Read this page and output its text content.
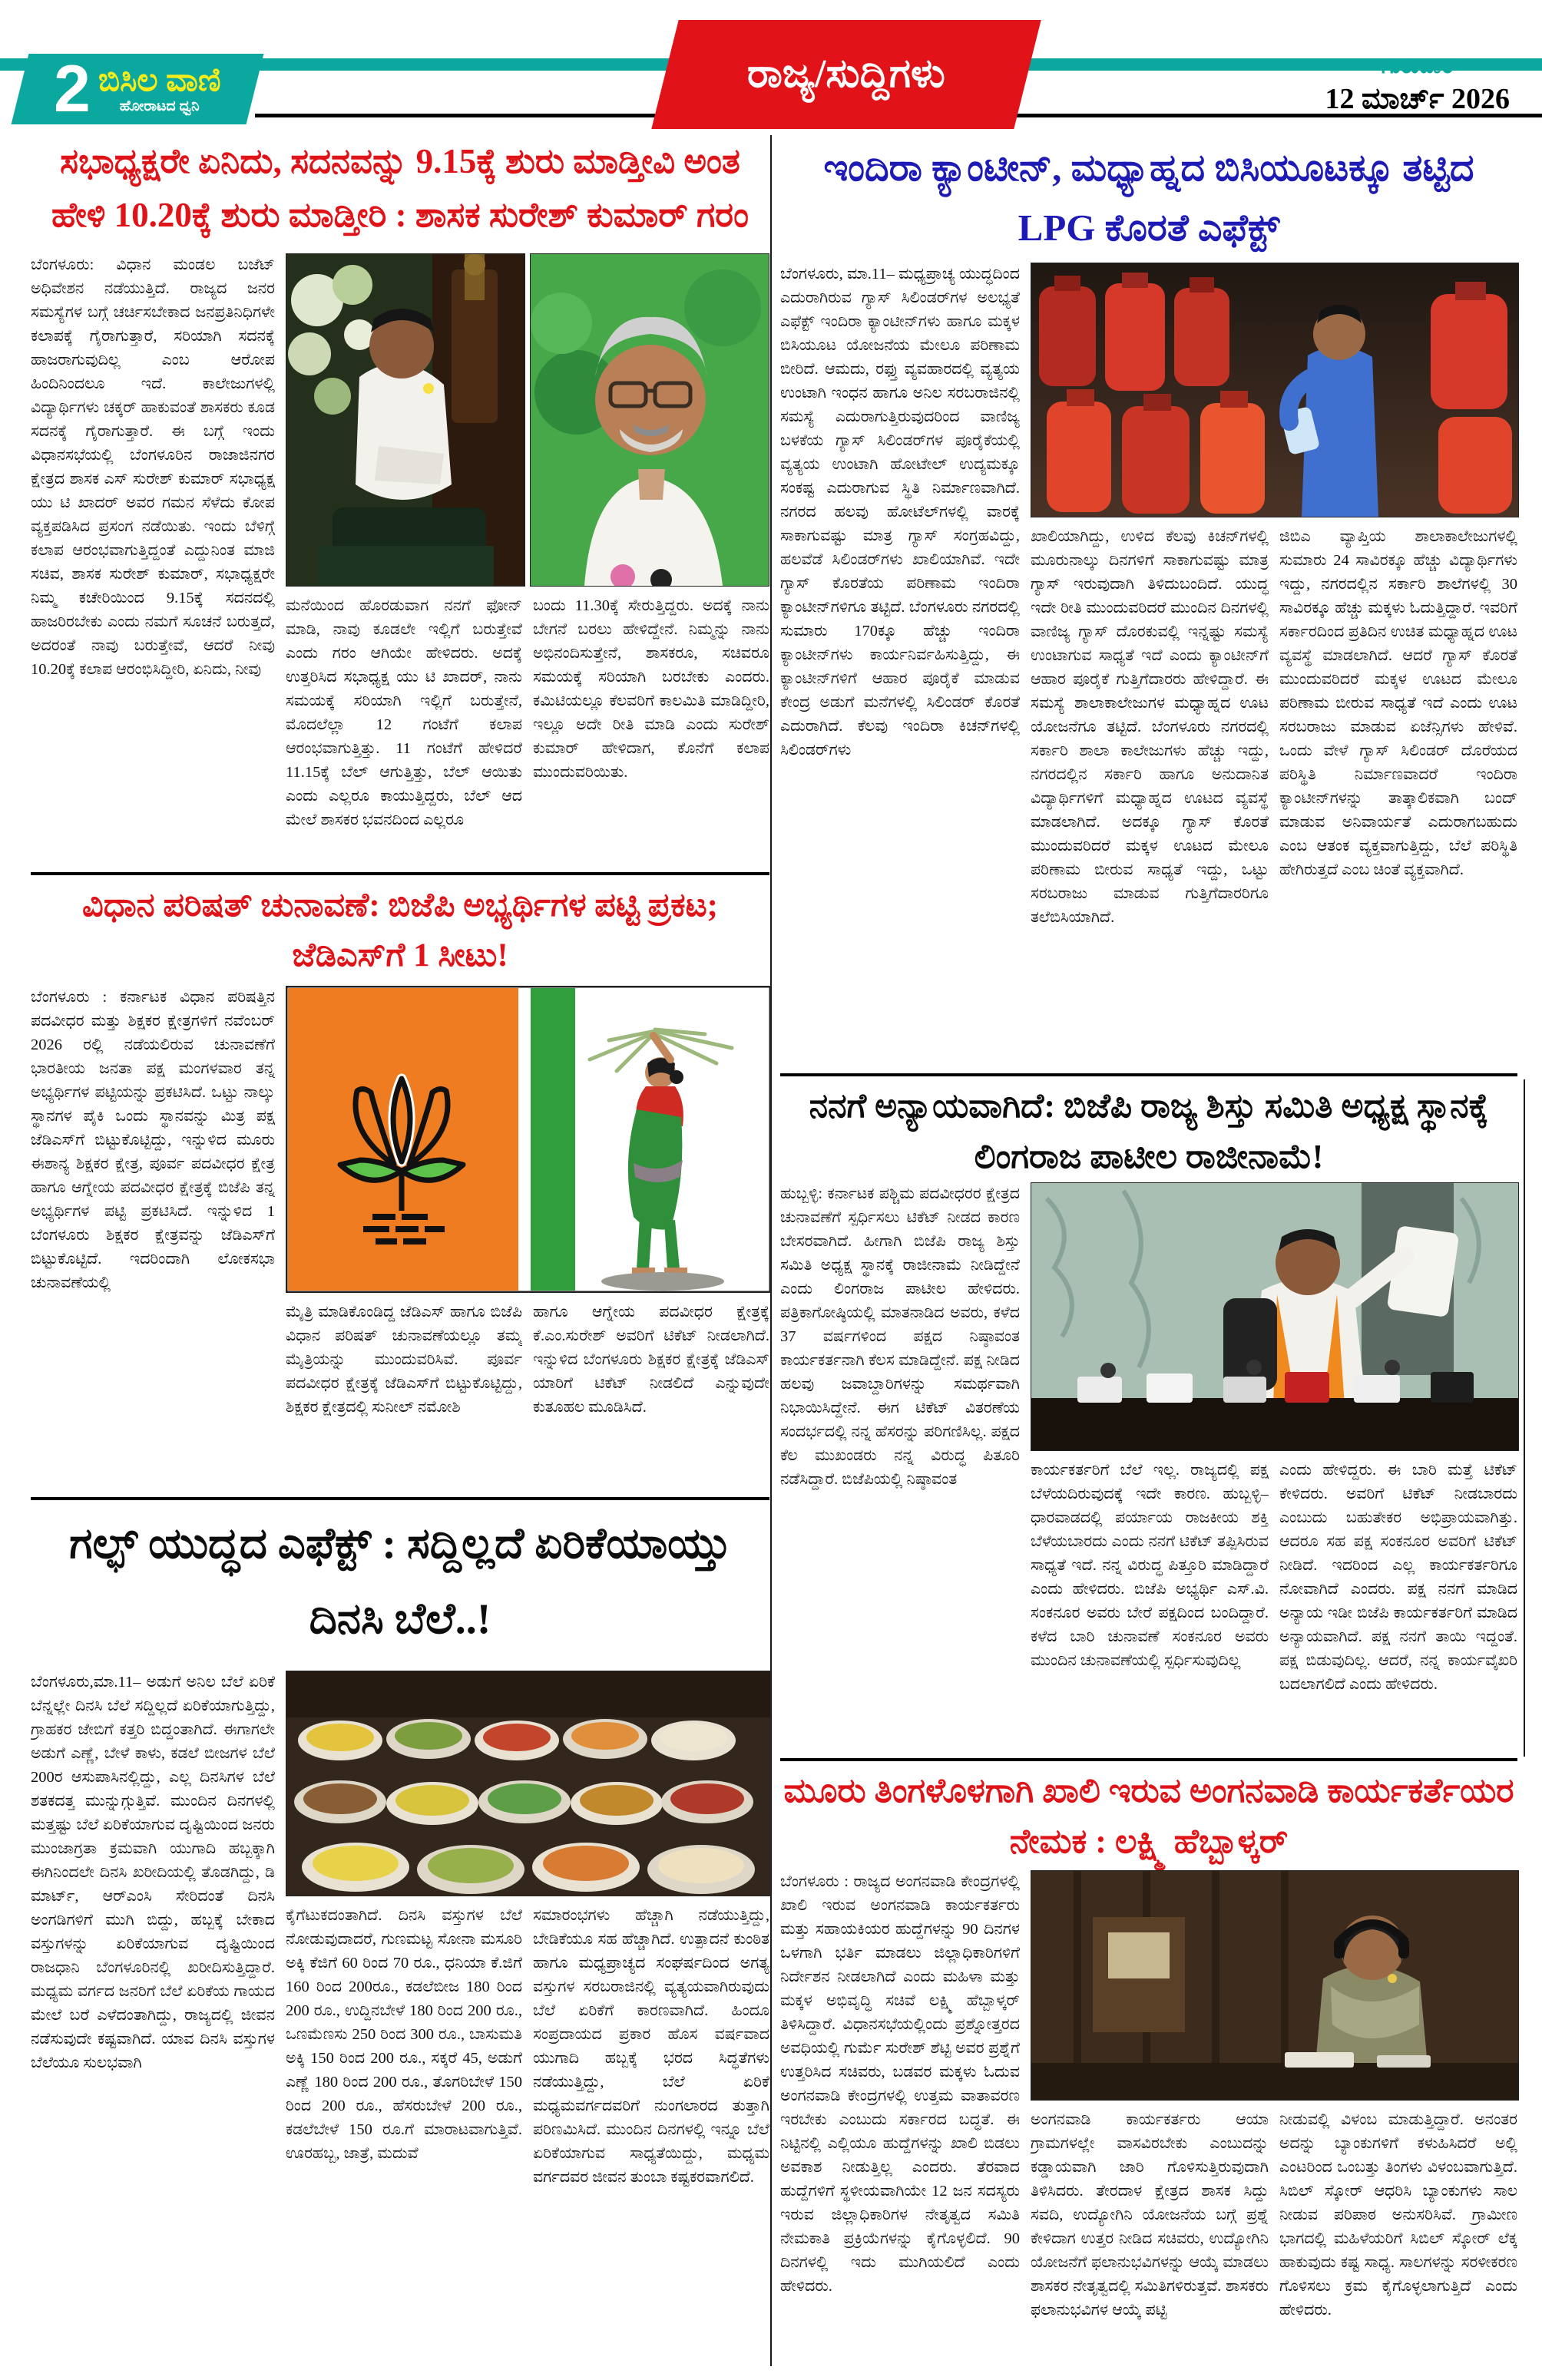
2 ಬಿಸಿಲ ವಾಣಿ
ಹೋರಾಟದ ಧ್ವನಿ
ರಾಜ್ಯ/ಸುದ್ದಿಗಳು	ಗುರುವಾರ
12 ಮಾರ್ಚ್ 2026
ಸಭಾಧ್ಯಕ್ಷರೇ ಏನಿದು, ಸದನವನ್ನು 9.15ಕ್ಕೆ ಶುರು ಮಾಡ್ತೀವಿ ಅಂತ ಹೇಳಿ 10.20ಕ್ಕೆ ಶುರು ಮಾಡ್ತೀರಿ : ಶಾಸಕ ಸುರೇಶ್ ಕುಮಾರ್ ಗರಂ
ಬೆಂಗಳೂರು: ವಿಧಾನ ಮಂಡಲ ಬಜೆಟ್ ಅಧಿವೇಶನ ನಡೆಯುತ್ತಿದೆ. ರಾಜ್ಯದ ಜನರ ಸಮಸ್ಯೆಗಳ ಬಗ್ಗೆ ಚರ್ಚಿಸಬೇಕಾದ ಜನಪ್ರತಿನಿಧಿಗಳೇ ಕಲಾಪಕ್ಕೆ ಗೈರಾಗುತ್ತಾರೆ, ಸರಿಯಾಗಿ ಸದನಕ್ಕೆ ಹಾಜರಾಗುವುದಿಲ್ಲ ಎಂಬ ಆರೋಪ ಹಿಂದಿನಿಂದಲೂ ಇದೆ. ಕಾಲೇಜುಗಳಲ್ಲಿ ವಿದ್ಯಾರ್ಥಿಗಳು ಚಕ್ಕರ್ ಹಾಕುವಂತೆ ಶಾಸಕರು ಕೂಡ ಸದನಕ್ಕೆ ಗೈರಾಗುತ್ತಾರೆ. ಈ ಬಗ್ಗೆ ಇಂದು ವಿಧಾನಸಭೆಯಲ್ಲಿ ಬೆಂಗಳೂರಿನ ರಾಜಾಜಿನಗರ ಕ್ಷೇತ್ರದ ಶಾಸಕ ಎಸ್ ಸುರೇಶ್ ಕುಮಾರ್ ಸಭಾಧ್ಯಕ್ಷ ಯು ಟಿ ಖಾದರ್ ಅವರ ಗಮನ ಸೆಳೆದು ಕೋಪ ವ್ಯಕ್ತಪಡಿಸಿದ ಪ್ರಸಂಗ ನಡೆಯಿತು. ಇಂದು ಬೆಳಿಗ್ಗೆ ಕಲಾಪ ಆರಂಭವಾಗುತ್ತಿದ್ದಂತೆ ಎದ್ದುನಿಂತ ಮಾಜಿ ಸಚಿವ, ಶಾಸಕ ಸುರೇಶ್ ಕುಮಾರ್, ಸಭಾಧ್ಯಕ್ಷರೇ ನಿಮ್ಮ ಕಚೇರಿಯಿಂದ 9.15ಕ್ಕೆ ಸದನದಲ್ಲಿ ಹಾಜರಿರಬೇಕು ಎಂದು ನಮಗೆ ಸೂಚನೆ ಬರುತ್ತದೆ, ಅದರಂತೆ ನಾವು ಬರುತ್ತೇವೆ, ಆದರೆ ನೀವು 10.20ಕ್ಕೆ ಕಲಾಪ ಆರಂಭಿಸಿದ್ದೀರಿ, ಏನಿದು, ನೀವು
ಮನೆಯಿಂದ ಹೊರಡುವಾಗ ನನಗೆ ಫೋನ್ ಮಾಡಿ, ನಾವು ಕೂಡಲೇ ಇಲ್ಲಿಗೆ ಬರುತ್ತೇವೆ ಎಂದು ಗರಂ ಆಗಿಯೇ ಹೇಳಿದರು. ಅದಕ್ಕೆ ಉತ್ತರಿಸಿದ ಸಭಾಧ್ಯಕ್ಷ ಯು ಟಿ ಖಾದರ್, ನಾನು ಸಮಯಕ್ಕೆ ಸರಿಯಾಗಿ ಇಲ್ಲಿಗೆ ಬರುತ್ತೇನೆ, ಮೊದಲೆಲ್ಲಾ 12 ಗಂಟೆಗೆ ಕಲಾಪ ಆರಂಭವಾಗುತ್ತಿತ್ತು. 11 ಗಂಟೆಗೆ ಹೇಳಿದರೆ 11.15ಕ್ಕೆ ಬೆಲ್ ಆಗುತ್ತಿತ್ತು, ಬೆಲ್ ಆಯಿತು ಎಂದು ಎಲ್ಲರೂ ಕಾಯುತ್ತಿದ್ದರು, ಬೆಲ್ ಆದ ಮೇಲೆ ಶಾಸಕರ ಭವನದಿಂದ ಎಲ್ಲರೂ
ಬಂದು 11.30ಕ್ಕೆ ಸೇರುತ್ತಿದ್ದರು. ಅದಕ್ಕೆ ನಾನು ಬೇಗನೆ ಬರಲು ಹೇಳಿದ್ದೇನೆ. ನಿಮ್ಮನ್ನು ನಾನು ಅಭಿನಂದಿಸುತ್ತೇನೆ, ಶಾಸಕರೂ, ಸಚಿವರೂ ಸಮಯಕ್ಕೆ ಸರಿಯಾಗಿ ಬರಬೇಕು ಎಂದರು. ಕಮಿಟಿಯಲ್ಲೂ ಕೆಲವರಿಗೆ ಕಾಲಮಿತಿ ಮಾಡಿದ್ದೀರಿ, ಇಲ್ಲೂ ಅದೇ ರೀತಿ ಮಾಡಿ ಎಂದು ಸುರೇಶ್ ಕುಮಾರ್ ಹೇಳಿದಾಗ, ಕೊನೆಗೆ ಕಲಾಪ ಮುಂದುವರಿಯಿತು.
ವಿಧಾನ ಪರಿಷತ್ ಚುನಾವಣೆ: ಬಿಜೆಪಿ ಅಭ್ಯರ್ಥಿಗಳ ಪಟ್ಟಿ ಪ್ರಕಟ; ಜೆಡಿಎಸ್‌ಗೆ 1 ಸೀಟು!
ಬೆಂಗಳೂರು : ಕರ್ನಾಟಕ ವಿಧಾನ ಪರಿಷತ್ತಿನ ಪದವೀಧರ ಮತ್ತು ಶಿಕ್ಷಕರ ಕ್ಷೇತ್ರಗಳಿಗೆ ನವೆಂಬರ್ 2026 ರಲ್ಲಿ ನಡೆಯಲಿರುವ ಚುನಾವಣೆಗೆ ಭಾರತೀಯ ಜನತಾ ಪಕ್ಷ ಮಂಗಳವಾರ ತನ್ನ ಅಭ್ಯರ್ಥಿಗಳ ಪಟ್ಟಿಯನ್ನು ಪ್ರಕಟಿಸಿದೆ. ಒಟ್ಟು ನಾಲ್ಕು ಸ್ಥಾನಗಳ ಪೈಕಿ ಒಂದು ಸ್ಥಾನವನ್ನು ಮಿತ್ರ ಪಕ್ಷ ಜೆಡಿಎಸ್‌ಗೆ ಬಿಟ್ಟುಕೊಟ್ಟಿದ್ದು, ಇನ್ನುಳಿದ ಮೂರು ಈಶಾನ್ಯ ಶಿಕ್ಷಕರ ಕ್ಷೇತ್ರ, ಪೂರ್ವ ಪದವೀಧರ ಕ್ಷೇತ್ರ ಹಾಗೂ ಆಗ್ನೇಯ ಪದವೀಧರ ಕ್ಷೇತ್ರಕ್ಕೆ ಬಿಜೆಪಿ ತನ್ನ ಅಭ್ಯರ್ಥಿಗಳ ಪಟ್ಟಿ ಪ್ರಕಟಿಸಿದೆ. ಇನ್ನುಳಿದ 1 ಬೆಂಗಳೂರು ಶಿಕ್ಷಕರ ಕ್ಷೇತ್ರವನ್ನು ಜೆಡಿಎಸ್‌ಗೆ ಬಿಟ್ಟುಕೊಟ್ಟಿದೆ. ಇದರಿಂದಾಗಿ ಲೋಕಸಭಾ ಚುನಾವಣೆಯಲ್ಲಿ
ಮೈತ್ರಿ ಮಾಡಿಕೊಂಡಿದ್ದ ಜೆಡಿಎಸ್ ಹಾಗೂ ಬಿಜೆಪಿ ವಿಧಾನ ಪರಿಷತ್ ಚುನಾವಣೆಯಲ್ಲೂ ತಮ್ಮ ಮೈತ್ರಿಯನ್ನು ಮುಂದುವರಿಸಿವೆ. ಪೂರ್ವ ಪದವೀಧರ ಕ್ಷೇತ್ರಕ್ಕೆ ಜೆಡಿಎಸ್‌ಗೆ ಬಿಟ್ಟುಕೊಟ್ಟಿದ್ದು, ಶಿಕ್ಷಕರ ಕ್ಷೇತ್ರದಲ್ಲಿ ಸುನೀಲ್ ನಮೋಶಿ
ಹಾಗೂ ಆಗ್ನೇಯ ಪದವೀಧರ ಕ್ಷೇತ್ರಕ್ಕೆ ಕೆ.ಎಂ.ಸುರೇಶ್ ಅವರಿಗೆ ಟಿಕೆಟ್ ನೀಡಲಾಗಿದೆ. ಇನ್ನುಳಿದ ಬೆಂಗಳೂರು ಶಿಕ್ಷಕರ ಕ್ಷೇತ್ರಕ್ಕೆ ಜೆಡಿಎಸ್ ಯಾರಿಗೆ ಟಿಕೆಟ್ ನೀಡಲಿದೆ ಎನ್ನುವುದೇ ಕುತೂಹಲ ಮೂಡಿಸಿದೆ.
ಗಲ್ಫ್ ಯುದ್ಧದ ಎಫೆಕ್ಟ್ : ಸದ್ದಿಲ್ಲದೆ ಏರಿಕೆಯಾಯ್ತು ದಿನಸಿ ಬೆಲೆ..!
ಬೆಂಗಳೂರು,ಮಾ.11– ಅಡುಗೆ ಅನಿಲ ಬೆಲೆ ಏರಿಕೆ ಬೆನ್ನಲ್ಲೇ ದಿನಸಿ ಬೆಲೆ ಸದ್ದಿಲ್ಲದೆ ಏರಿಕೆಯಾಗುತ್ತಿದ್ದು, ಗ್ರಾಹಕರ ಜೇಬಿಗೆ ಕತ್ತರಿ ಬಿದ್ದಂತಾಗಿದೆ. ಈಗಾಗಲೇ ಅಡುಗೆ ಎಣ್ಣೆ, ಬೇಳೆ ಕಾಳು, ಕಡಲೆ ಬೀಜಗಳ ಬೆಲೆ 200ರ ಆಸುಪಾಸಿನಲ್ಲಿದ್ದು, ಎಲ್ಲ ದಿನಸಿಗಳ ಬೆಲೆ ಶತಕದತ್ತ ಮುನ್ನುಗ್ಗುತ್ತಿವೆ. ಮುಂದಿನ ದಿನಗಳಲ್ಲಿ ಮತ್ತಷ್ಟು ಬೆಲೆ ಏರಿಕೆಯಾಗುವ ದೃಷ್ಟಿಯಿಂದ ಜನರು ಮುಂಜಾಗ್ರತಾ ಕ್ರಮವಾಗಿ ಯುಗಾದಿ ಹಬ್ಬಕ್ಕಾಗಿ ಈಗಿನಿಂದಲೇ ದಿನಸಿ ಖರೀದಿಯಲ್ಲಿ ತೊಡಗಿದ್ದು, ಡಿ ಮಾರ್ಟ್, ಆರ್‌ಎಂಸಿ ಸೇರಿದಂತೆ ದಿನಸಿ ಅಂಗಡಿಗಳಿಗೆ ಮುಗಿ ಬಿದ್ದು, ಹಬ್ಬಕ್ಕೆ ಬೇಕಾದ ವಸ್ತುಗಳನ್ನು ಏರಿಕೆಯಾಗುವ ದೃಷ್ಟಿಯಿಂದ ರಾಜಧಾನಿ ಬೆಂಗಳೂರಿನಲ್ಲಿ ಖರೀದಿಸುತ್ತಿದ್ದಾರೆ. ಮಧ್ಯಮ ವರ್ಗದ ಜನರಿಗೆ ಬೆಲೆ ಏರಿಕೆಯ ಗಾಯದ ಮೇಲೆ ಬರೆ ಎಳೆದಂತಾಗಿದ್ದು, ರಾಜ್ಯದಲ್ಲಿ ಜೀವನ ನಡೆಸುವುದೇ ಕಷ್ಟವಾಗಿದೆ. ಯಾವ ದಿನಸಿ ವಸ್ತುಗಳ ಬೆಲೆಯೂ ಸುಲಭವಾಗಿ
ಕೈಗೆಟುಕದಂತಾಗಿದೆ. ದಿನಸಿ ವಸ್ತುಗಳ ಬೆಲೆ ನೋಡುವುದಾದರೆ, ಗುಣಮಟ್ಟ ಸೋನಾ ಮಸೂರಿ ಅಕ್ಕಿ ಕೆಜಿಗೆ 60 ರಿಂದ 70 ರೂ., ಧನಿಯಾ ಕೆ.ಜಿಗೆ 160 ರಿಂದ 200ರೂ., ಕಡಲೆಬೀಜ 180 ರಿಂದ 200 ರೂ., ಉದ್ದಿನಬೇಳೆ 180 ರಿಂದ 200 ರೂ., ಒಣಮೆಣಸು 250 ರಿಂದ 300 ರೂ., ಬಾಸುಮತಿ ಅಕ್ಕಿ 150 ರಿಂದ 200 ರೂ., ಸಕ್ಕರೆ 45, ಅಡುಗೆ ಎಣ್ಣೆ 180 ರಿಂದ 200 ರೂ., ತೊಗರಿಬೇಳೆ 150 ರಿಂದ 200 ರೂ., ಹೆಸರುಬೇಳೆ 200 ರೂ., ಕಡಲೆಬೇಳೆ 150 ರೂ.ಗೆ ಮಾರಾಟವಾಗುತ್ತಿವೆ. ಊರಹಬ್ಬ, ಜಾತ್ರೆ, ಮದುವೆ
ಸಮಾರಂಭಗಳು ಹೆಚ್ಚಾಗಿ ನಡೆಯುತ್ತಿದ್ದು, ಬೇಡಿಕೆಯೂ ಸಹ ಹೆಚ್ಚಾಗಿದೆ. ಉತ್ಪಾದನೆ ಕುಂಠಿತ ಹಾಗೂ ಮಧ್ಯಪ್ರಾಚ್ಯದ ಸಂಘರ್ಷದಿಂದ ಅಗತ್ಯ ವಸ್ತುಗಳ ಸರಬರಾಜಿನಲ್ಲಿ ವ್ಯತ್ಯಯವಾಗಿರುವುದು ಬೆಲೆ ಏರಿಕೆಗೆ ಕಾರಣವಾಗಿದೆ. ಹಿಂದೂ ಸಂಪ್ರದಾಯದ ಪ್ರಕಾರ ಹೊಸ ವರ್ಷವಾದ ಯುಗಾದಿ ಹಬ್ಬಕ್ಕೆ ಭರದ ಸಿದ್ಧತೆಗಳು ನಡೆಯುತ್ತಿದ್ದು, ಬೆಲೆ ಏರಿಕೆ ಮಧ್ಯಮವರ್ಗದವರಿಗೆ ನುಂಗಲಾರದ ತುತ್ತಾಗಿ ಪರಿಣಮಿಸಿದೆ. ಮುಂದಿನ ದಿನಗಳಲ್ಲಿ ಇನ್ನೂ ಬೆಲೆ ಏರಿಕೆಯಾಗುವ ಸಾಧ್ಯತೆಯಿದ್ದು, ಮಧ್ಯಮ ವರ್ಗದವರ ಜೀವನ ತುಂಬಾ ಕಷ್ಟಕರವಾಗಲಿದೆ.
ಇಂದಿರಾ ಕ್ಯಾಂಟೀನ್, ಮಧ್ಯಾಹ್ನದ ಬಿಸಿಯೂಟಕ್ಕೂ ತಟ್ಟಿದ LPG ಕೊರತೆ ಎಫೆಕ್ಟ್
ಬೆಂಗಳೂರು, ಮಾ.11– ಮಧ್ಯಪ್ರಾಚ್ಯ ಯುದ್ಧದಿಂದ ಎದುರಾಗಿರುವ ಗ್ಯಾಸ್ ಸಿಲಿಂಡರ್‌ಗಳ ಅಲಭ್ಯತೆ ಎಫೆಕ್ಟ್ ಇಂದಿರಾ ಕ್ಯಾಂಟೀನ್‌ಗಳು ಹಾಗೂ ಮಕ್ಕಳ ಬಿಸಿಯೂಟ ಯೋಜನೆಯ ಮೇಲೂ ಪರಿಣಾಮ ಬೀರಿದೆ. ಆಮದು, ರಫ್ತು ವ್ಯವಹಾರದಲ್ಲಿ ವ್ಯತ್ಯಯ ಉಂಟಾಗಿ ಇಂಧನ ಹಾಗೂ ಅನಿಲ ಸರಬರಾಜಿನಲ್ಲಿ ಸಮಸ್ಯೆ ಎದುರಾಗುತ್ತಿರುವುದರಿಂದ ವಾಣಿಜ್ಯ ಬಳಕೆಯ ಗ್ಯಾಸ್ ಸಿಲಿಂಡರ್‌ಗಳ ಪೂರೈಕೆಯಲ್ಲಿ ವ್ಯತ್ಯಯ ಉಂಟಾಗಿ ಹೋಟೇಲ್ ಉದ್ಯಮಕ್ಕೂ ಸಂಕಷ್ಟ ಎದುರಾಗುವ ಸ್ಥಿತಿ ನಿರ್ಮಾಣವಾಗಿದೆ. ನಗರದ ಹಲವು ಹೋಟೆಲ್‌ಗಳಲ್ಲಿ ವಾರಕ್ಕೆ ಸಾಕಾಗುವಷ್ಟು ಮಾತ್ರ ಗ್ಯಾಸ್ ಸಂಗ್ರಹವಿದ್ದು, ಹಲವೆಡೆ ಸಿಲಿಂಡರ್‌ಗಳು ಖಾಲಿಯಾಗಿವೆ. ಇದೇ ಗ್ಯಾಸ್ ಕೊರತೆಯ ಪರಿಣಾಮ ಇಂದಿರಾ ಕ್ಯಾಂಟೀನ್‌ಗಳಿಗೂ ತಟ್ಟಿದೆ. ಬೆಂಗಳೂರು ನಗರದಲ್ಲಿ ಸುಮಾರು 170ಕ್ಕೂ ಹೆಚ್ಚು ಇಂದಿರಾ ಕ್ಯಾಂಟೀನ್‌ಗಳು ಕಾರ್ಯನಿರ್ವಹಿಸುತ್ತಿದ್ದು, ಈ ಕ್ಯಾಂಟೀನ್‌ಗಳಿಗೆ ಆಹಾರ ಪೂರೈಕೆ ಮಾಡುವ ಕೇಂದ್ರ ಅಡುಗೆ ಮನೆಗಳಲ್ಲಿ ಸಿಲಿಂಡರ್ ಕೊರತೆ ಎದುರಾಗಿದೆ. ಕೆಲವು ಇಂದಿರಾ ಕಿಚನ್‌ಗಳಲ್ಲಿ ಸಿಲಿಂಡರ್‌ಗಳು
ಖಾಲಿಯಾಗಿದ್ದು, ಉಳಿದ ಕೆಲವು ಕಿಚನ್‌ಗಳಲ್ಲಿ ಮೂರುನಾಲ್ಕು ದಿನಗಳಿಗೆ ಸಾಕಾಗುವಷ್ಟು ಮಾತ್ರ ಗ್ಯಾಸ್ ಇರುವುದಾಗಿ ತಿಳಿದುಬಂದಿದೆ. ಯುದ್ಧ ಇದೇ ರೀತಿ ಮುಂದುವರಿದರೆ ಮುಂದಿನ ದಿನಗಳಲ್ಲಿ ವಾಣಿಜ್ಯ ಗ್ಯಾಸ್ ದೊರಕುವಲ್ಲಿ ಇನ್ನಷ್ಟು ಸಮಸ್ಯೆ ಉಂಟಾಗುವ ಸಾಧ್ಯತೆ ಇದೆ ಎಂದು ಕ್ಯಾಂಟೀನ್‌ಗೆ ಆಹಾರ ಪೂರೈಕೆ ಗುತ್ತಿಗೆದಾರರು ಹೇಳಿದ್ದಾರೆ. ಈ ಸಮಸ್ಯೆ ಶಾಲಾಕಾಲೇಜುಗಳ ಮಧ್ಯಾಹ್ನದ ಊಟ ಯೋಜನೆಗೂ ತಟ್ಟಿದೆ. ಬೆಂಗಳೂರು ನಗರದಲ್ಲಿ ಸರ್ಕಾರಿ ಶಾಲಾ ಕಾಲೇಜುಗಳು ಹೆಚ್ಚು ಇದ್ದು, ನಗರದಲ್ಲಿನ ಸರ್ಕಾರಿ ಹಾಗೂ ಅನುದಾನಿತ ವಿದ್ಯಾರ್ಥಿಗಳಿಗೆ ಮಧ್ಯಾಹ್ನದ ಊಟದ ವ್ಯವಸ್ಥೆ ಮಾಡಲಾಗಿದೆ. ಅದಕ್ಕೂ ಗ್ಯಾಸ್ ಕೊರತೆ ಮುಂದುವರಿದರೆ ಮಕ್ಕಳ ಊಟದ ಮೇಲೂ ಪರಿಣಾಮ ಬೀರುವ ಸಾಧ್ಯತೆ ಇದ್ದು, ಒಟ್ಟು ಸರಬರಾಜು ಮಾಡುವ ಗುತ್ತಿಗೆದಾರರಿಗೂ ತಲೆಬಿಸಿಯಾಗಿದೆ.
ಜಿಬಿಎ ವ್ಯಾಪ್ತಿಯ ಶಾಲಾಕಾಲೇಜುಗಳಲ್ಲಿ ಸುಮಾರು 24 ಸಾವಿರಕ್ಕೂ ಹೆಚ್ಚು ವಿದ್ಯಾರ್ಥಿಗಳು ಇದ್ದು, ನಗರದಲ್ಲಿನ ಸರ್ಕಾರಿ ಶಾಲೆಗಳಲ್ಲಿ 30 ಸಾವಿರಕ್ಕೂ ಹೆಚ್ಚು ಮಕ್ಕಳು ಓದುತ್ತಿದ್ದಾರೆ. ಇವರಿಗೆ ಸರ್ಕಾರದಿಂದ ಪ್ರತಿದಿನ ಉಚಿತ ಮಧ್ಯಾಹ್ನದ ಊಟ ವ್ಯವಸ್ಥೆ ಮಾಡಲಾಗಿದೆ. ಆದರೆ ಗ್ಯಾಸ್ ಕೊರತೆ ಮುಂದುವರಿದರೆ ಮಕ್ಕಳ ಊಟದ ಮೇಲೂ ಪರಿಣಾಮ ಬೀರುವ ಸಾಧ್ಯತೆ ಇದೆ ಎಂದು ಊಟ ಸರಬರಾಜು ಮಾಡುವ ಏಜೆನ್ಸಿಗಳು ಹೇಳಿವೆ. ಒಂದು ವೇಳೆ ಗ್ಯಾಸ್ ಸಿಲಿಂಡರ್ ದೊರೆಯದ ಪರಿಸ್ಥಿತಿ ನಿರ್ಮಾಣವಾದರೆ ಇಂದಿರಾ ಕ್ಯಾಂಟೀನ್‌ಗಳನ್ನು ತಾತ್ಕಾಲಿಕವಾಗಿ ಬಂದ್ ಮಾಡುವ ಅನಿವಾರ್ಯತೆ ಎದುರಾಗಬಹುದು ಎಂಬ ಆತಂಕ ವ್ಯಕ್ತವಾಗುತ್ತಿದ್ದು, ಬೆಲೆ ಪರಿಸ್ಥಿತಿ ಹೇಗಿರುತ್ತದೆ ಎಂಬ ಚಿಂತೆ ವ್ಯಕ್ತವಾಗಿದೆ.
ನನಗೆ ಅನ್ಯಾಯವಾಗಿದೆ: ಬಿಜೆಪಿ ರಾಜ್ಯ ಶಿಸ್ತು ಸಮಿತಿ ಅಧ್ಯಕ್ಷ ಸ್ಥಾನಕ್ಕೆ ಲಿಂಗರಾಜ ಪಾಟೀಲ ರಾಜೀನಾಮೆ!
ಹುಬ್ಬಳ್ಳಿ: ಕರ್ನಾಟಕ ಪಶ್ಚಿಮ ಪದವೀಧರರ ಕ್ಷೇತ್ರದ ಚುನಾವಣೆಗೆ ಸ್ಪರ್ಧಿಸಲು ಟಿಕೆಟ್ ನೀಡದ ಕಾರಣ ಬೇಸರವಾಗಿದೆ. ಹೀಗಾಗಿ ಬಿಜೆಪಿ ರಾಜ್ಯ ಶಿಸ್ತು ಸಮಿತಿ ಅಧ್ಯಕ್ಷ ಸ್ಥಾನಕ್ಕೆ ರಾಜೀನಾಮೆ ನೀಡಿದ್ದೇನೆ ಎಂದು ಲಿಂಗರಾಜ ಪಾಟೀಲ ಹೇಳಿದರು. ಪತ್ರಿಕಾಗೋಷ್ಠಿಯಲ್ಲಿ ಮಾತನಾಡಿದ ಅವರು, ಕಳೆದ 37 ವರ್ಷಗಳಿಂದ ಪಕ್ಷದ ನಿಷ್ಠಾವಂತ ಕಾರ್ಯಕರ್ತನಾಗಿ ಕೆಲಸ ಮಾಡಿದ್ದೇನೆ. ಪಕ್ಷ ನೀಡಿದ ಹಲವು ಜವಾಬ್ದಾರಿಗಳನ್ನು ಸಮರ್ಥವಾಗಿ ನಿಭಾಯಿಸಿದ್ದೇನೆ. ಈಗ ಟಿಕೆಟ್ ವಿತರಣೆಯ ಸಂದರ್ಭದಲ್ಲಿ ನನ್ನ ಹೆಸರನ್ನು ಪರಿಗಣಿಸಿಲ್ಲ. ಪಕ್ಷದ ಕೆಲ ಮುಖಂಡರು ನನ್ನ ವಿರುದ್ಧ ಪಿತೂರಿ ನಡೆಸಿದ್ದಾರೆ. ಬಿಜೆಪಿಯಲ್ಲಿ ನಿಷ್ಠಾವಂತ
ಕಾರ್ಯಕರ್ತರಿಗೆ ಬೆಲೆ ಇಲ್ಲ. ರಾಜ್ಯದಲ್ಲಿ ಪಕ್ಷ ಬೆಳೆಯದಿರುವುದಕ್ಕೆ ಇದೇ ಕಾರಣ. ಹುಬ್ಬಳ್ಳಿ–ಧಾರವಾಡದಲ್ಲಿ ಪರ್ಯಾಯ ರಾಜಕೀಯ ಶಕ್ತಿ ಬೆಳೆಯಬಾರದು ಎಂದು ನನಗೆ ಟಿಕೆಟ್ ತಪ್ಪಿಸಿರುವ ಸಾಧ್ಯತೆ ಇದೆ. ನನ್ನ ವಿರುದ್ಧ ಪಿತ್ತೂರಿ ಮಾಡಿದ್ದಾರೆ ಎಂದು ಹೇಳಿದರು. ಬಿಜೆಪಿ ಅಭ್ಯರ್ಥಿ ಎಸ್.ವಿ. ಸಂಕನೂರ ಅವರು ಬೇರೆ ಪಕ್ಷದಿಂದ ಬಂದಿದ್ದಾರೆ. ಕಳೆದ ಬಾರಿ ಚುನಾವಣೆ ಸಂಕನೂರ ಅವರು ಮುಂದಿನ ಚುನಾವಣೆಯಲ್ಲಿ ಸ್ಪರ್ಧಿಸುವುದಿಲ್ಲ
ಎಂದು ಹೇಳಿದ್ದರು. ಈ ಬಾರಿ ಮತ್ತೆ ಟಿಕೆಟ್ ಕೇಳಿದರು. ಅವರಿಗೆ ಟಿಕೆಟ್ ನೀಡಬಾರದು ಎಂಬುದು ಬಹುತೇಕರ ಅಭಿಪ್ರಾಯವಾಗಿತ್ತು. ಆದರೂ ಸಹ ಪಕ್ಷ ಸಂಕನೂರ ಅವರಿಗೆ ಟಿಕೆಟ್ ನೀಡಿದೆ. ಇದರಿಂದ ಎಲ್ಲ ಕಾರ್ಯಕರ್ತರಿಗೂ ನೋವಾಗಿದೆ ಎಂದರು. ಪಕ್ಷ ನನಗೆ ಮಾಡಿದ ಅನ್ಯಾಯ ಇಡೀ ಬಿಜೆಪಿ ಕಾರ್ಯಕರ್ತರಿಗೆ ಮಾಡಿದ ಅನ್ಯಾಯವಾಗಿದೆ. ಪಕ್ಷ ನನಗೆ ತಾಯಿ ಇದ್ದಂತೆ. ಪಕ್ಷ ಬಿಡುವುದಿಲ್ಲ. ಆದರೆ, ನನ್ನ ಕಾರ್ಯವೈಖರಿ ಬದಲಾಗಲಿದೆ ಎಂದು ಹೇಳಿದರು.
ಮೂರು ತಿಂಗಳೊಳಗಾಗಿ ಖಾಲಿ ಇರುವ ಅಂಗನವಾಡಿ ಕಾರ್ಯಕರ್ತೆಯರ ನೇಮಕ : ಲಕ್ಷ್ಮಿ ಹೆಬ್ಬಾಳ್ಕರ್
ಬೆಂಗಳೂರು : ರಾಜ್ಯದ ಅಂಗನವಾಡಿ ಕೇಂದ್ರಗಳಲ್ಲಿ ಖಾಲಿ ಇರುವ ಅಂಗನವಾಡಿ ಕಾರ್ಯಕರ್ತರು ಮತ್ತು ಸಹಾಯಕಿಯರ ಹುದ್ದೆಗಳನ್ನು 90 ದಿನಗಳ ಒಳಗಾಗಿ ಭರ್ತಿ ಮಾಡಲು ಜಿಲ್ಲಾಧಿಕಾರಿಗಳಿಗೆ ನಿರ್ದೇಶನ ನೀಡಲಾಗಿದೆ ಎಂದು ಮಹಿಳಾ ಮತ್ತು ಮಕ್ಕಳ ಅಭಿವೃದ್ಧಿ ಸಚಿವೆ ಲಕ್ಷ್ಮಿ ಹೆಬ್ಬಾಳ್ಕರ್ ತಿಳಿಸಿದ್ದಾರೆ. ವಿಧಾನಸಭೆಯಲ್ಲಿಂದು ಪ್ರಶ್ನೋತ್ತರದ ಅವಧಿಯಲ್ಲಿ ಗುರ್ಮೆ ಸುರೇಶ್ ಶೆಟ್ಟಿ ಅವರ ಪ್ರಶ್ನೆಗೆ ಉತ್ತರಿಸಿದ ಸಚಿವರು, ಬಡವರ ಮಕ್ಕಳು ಓದುವ ಅಂಗನವಾಡಿ ಕೇಂದ್ರಗಳಲ್ಲಿ ಉತ್ತಮ ವಾತಾವರಣ ಇರಬೇಕು ಎಂಬುದು ಸರ್ಕಾರದ ಬದ್ಧತೆ. ಈ ನಿಟ್ಟಿನಲ್ಲಿ ಎಲ್ಲಿಯೂ ಹುದ್ದೆಗಳನ್ನು ಖಾಲಿ ಬಿಡಲು ಅವಕಾಶ ನೀಡುತ್ತಿಲ್ಲ ಎಂದರು. ತೆರವಾದ ಹುದ್ದೆಗಳಿಗೆ ಸ್ಥಳೀಯವಾಗಿಯೇ 12 ಜನ ಸದಸ್ಯರು ಇರುವ ಜಿಲ್ಲಾಧಿಕಾರಿಗಳ ನೇತೃತ್ವದ ಸಮಿತಿ ನೇಮಕಾತಿ ಪ್ರಕ್ರಿಯೆಗಳನ್ನು ಕೈಗೊಳ್ಳಲಿದೆ. 90 ದಿನಗಳಲ್ಲಿ ಇದು ಮುಗಿಯಲಿದೆ ಎಂದು ಹೇಳಿದರು.
ಅಂಗನವಾಡಿ ಕಾರ್ಯಕರ್ತರು ಆಯಾ ಗ್ರಾಮಗಳಲ್ಲೇ ವಾಸವಿರಬೇಕು ಎಂಬುದನ್ನು ಕಡ್ಡಾಯವಾಗಿ ಜಾರಿ ಗೊಳಿಸುತ್ತಿರುವುದಾಗಿ ತಿಳಿಸಿದರು. ತೇರದಾಳ ಕ್ಷೇತ್ರದ ಶಾಸಕ ಸಿದ್ದು ಸವದಿ, ಉದ್ಯೋಗಿನಿ ಯೋಜನೆಯ ಬಗ್ಗೆ ಪ್ರಶ್ನೆ ಕೇಳಿದಾಗ ಉತ್ತರ ನೀಡಿದ ಸಚಿವರು, ಉದ್ಯೋಗಿನಿ ಯೋಜನೆಗೆ ಫಲಾನುಭವಿಗಳನ್ನು ಆಯ್ಕೆ ಮಾಡಲು ಶಾಸಕರ ನೇತೃತ್ವದಲ್ಲಿ ಸಮಿತಿಗಳಿರುತ್ತವೆ. ಶಾಸಕರು ಫಲಾನುಭವಿಗಳ ಆಯ್ಕೆ ಪಟ್ಟಿ
ನೀಡುವಲ್ಲಿ ವಿಳಂಬ ಮಾಡುತ್ತಿದ್ದಾರೆ. ಅನಂತರ ಅದನ್ನು ಬ್ಯಾಂಕುಗಳಿಗೆ ಕಳುಹಿಸಿದರೆ ಅಲ್ಲಿ ಎಂಟರಿಂದ ಒಂಬತ್ತು ತಿಂಗಳು ವಿಳಂಬವಾಗುತ್ತಿದೆ. ಸಿಬಿಲ್ ಸ್ಕೋರ್ ಆಧರಿಸಿ ಬ್ಯಾಂಕುಗಳು ಸಾಲ ನೀಡುವ ಪರಿಪಾಠ ಅನುಸರಿಸಿವೆ. ಗ್ರಾಮೀಣ ಭಾಗದಲ್ಲಿ ಮಹಿಳೆಯರಿಗೆ ಸಿಬಿಲ್ ಸ್ಕೋರ್ ಲೆಕ್ಕ ಹಾಕುವುದು ಕಷ್ಟ ಸಾಧ್ಯ. ಸಾಲಗಳನ್ನು ಸರಳೀಕರಣ ಗೊಳಿಸಲು ಕ್ರಮ ಕೈಗೊಳ್ಳಲಾಗುತ್ತಿದೆ ಎಂದು ಹೇಳಿದರು.
